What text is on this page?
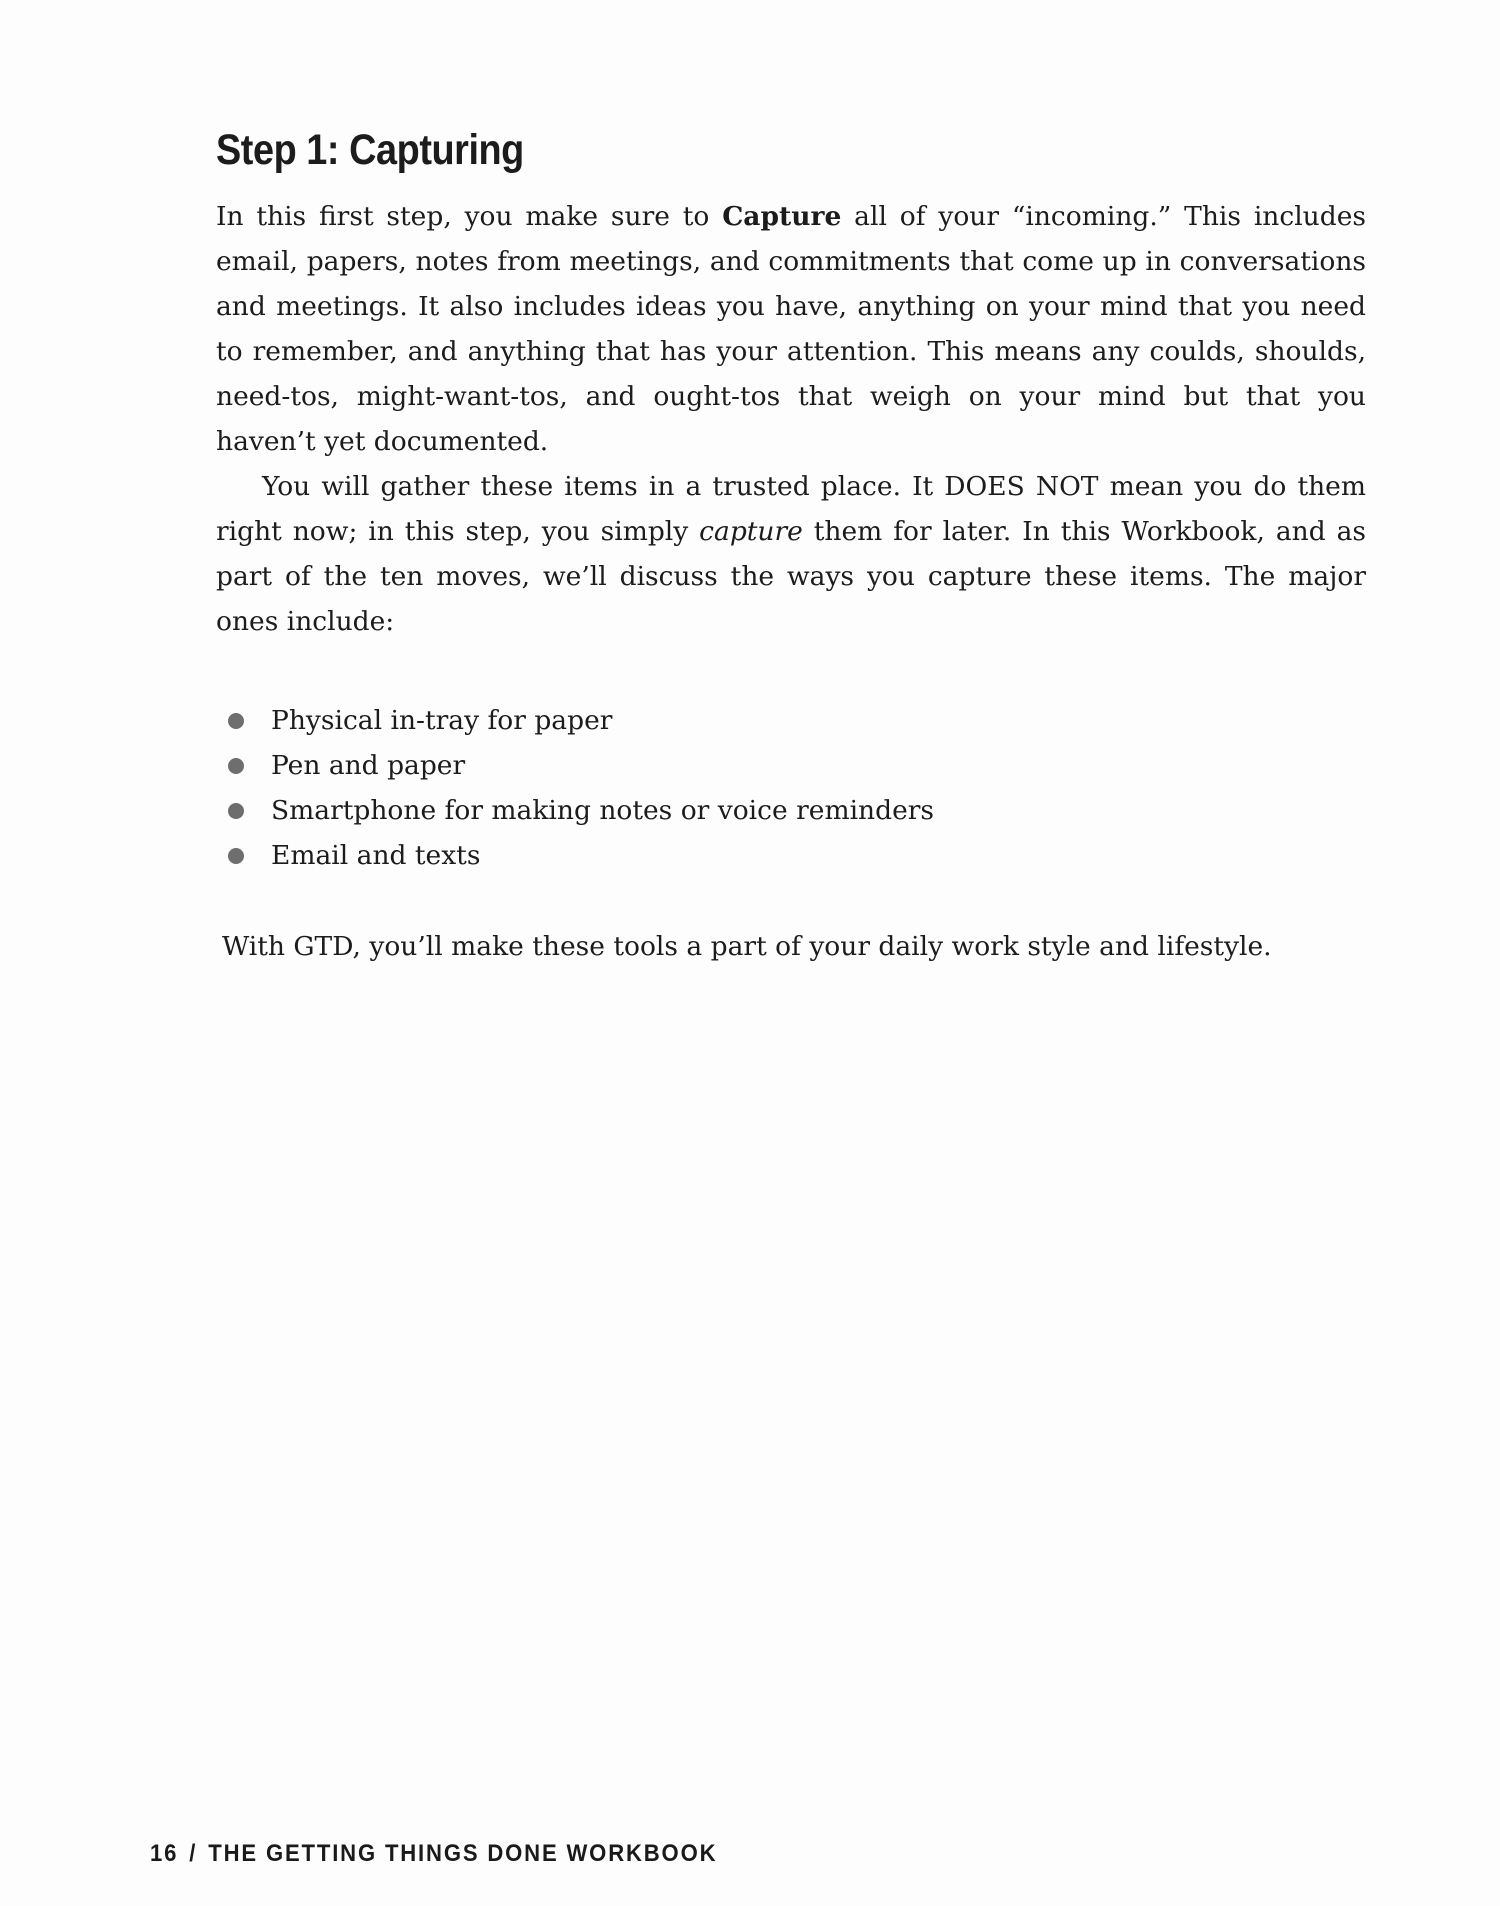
Step 1: Capturing

In this first step, you make sure to Capture all of your “incoming.” This includes email, papers, notes from meetings, and commitments that come up in conversations and meetings. It also includes ideas you have, anything on your mind that you need to remember, and anything that has your attention. This means any coulds, shoulds, need-tos, might-want-tos, and ought-tos that weigh on your mind but that you haven’t yet documented.

You will gather these items in a trusted place. It DOES NOT mean you do them right now; in this step, you simply capture them for later. In this Workbook, and as part of the ten moves, we’ll discuss the ways you capture these items. The major ones include:

Physical in-tray for paper
Pen and paper
Smartphone for making notes or voice reminders
Email and texts

With GTD, you’ll make these tools a part of your daily work style and lifestyle.

16 / THE GETTING THINGS DONE WORKBOOK
